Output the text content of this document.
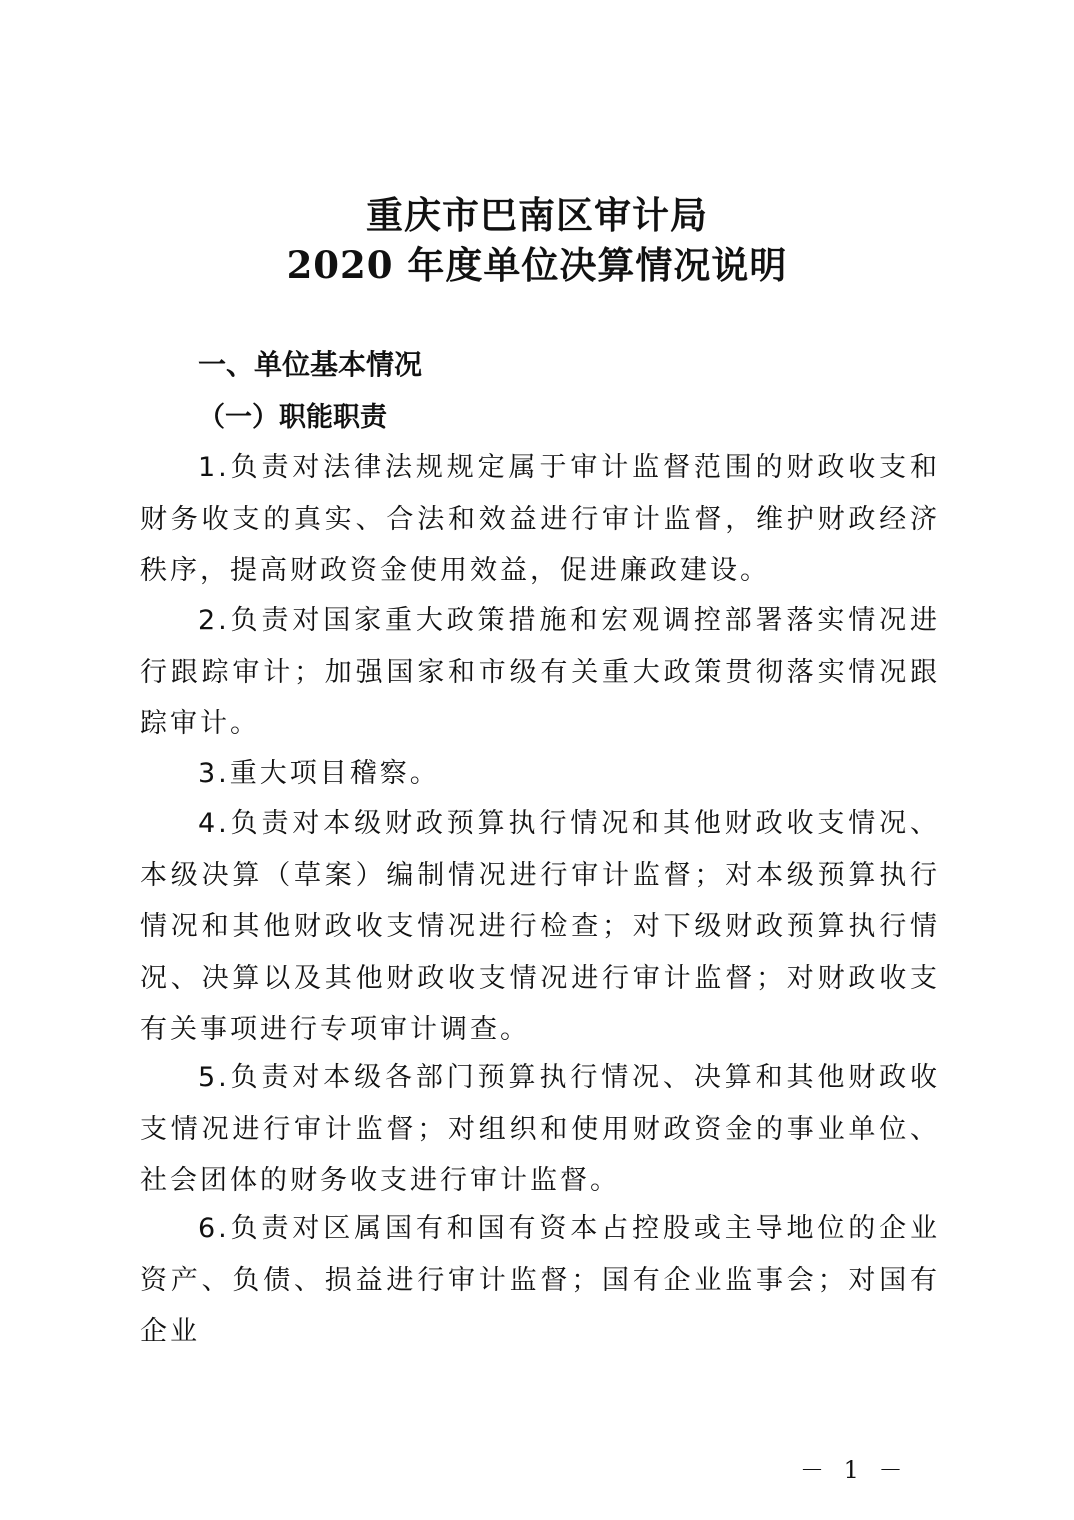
重庆市巴南区审计局
2020 年度单位决算情况说明
一、单位基本情况
（一）职能职责

1.负责对法律法规规定属于审计监督范围的财政收支和财务收支的真实、合法和效益进行审计监督，维护财政经济秩序，提高财政资金使用效益，促进廉政建设。

2.负责对国家重大政策措施和宏观调控部署落实情况进行跟踪审计；加强国家和市级有关重大政策贯彻落实情况跟踪审计。

3.重大项目稽察。

4.负责对本级财政预算执行情况和其他财政收支情况、本级决算（草案）编制情况进行审计监督；对本级预算执行情况和其他财政收支情况进行检查；对下级财政预算执行情况、决算以及其他财政收支情况进行审计监督；对财政收支有关事项进行专项审计调查。

5.负责对本级各部门预算执行情况、决算和其他财政收支情况进行审计监督；对组织和使用财政资金的事业单位、社会团体的财务收支进行审计监督。

6.负责对区属国有和国有资本占控股或主导地位的企业资产、负债、损益进行审计监督；国有企业监事会；对国有企业

－ 1 －
